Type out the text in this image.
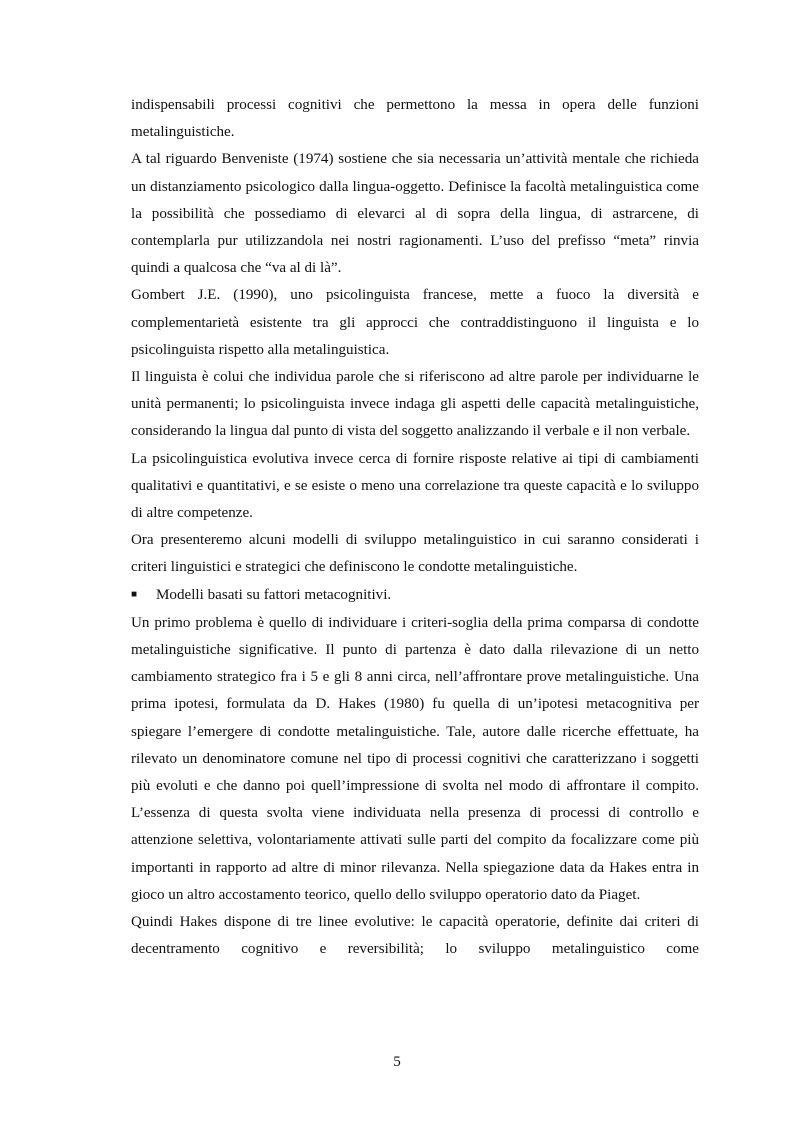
indispensabili processi cognitivi che permettono la messa in opera delle funzioni metalinguistiche.

A tal riguardo Benveniste (1974) sostiene che sia necessaria un’attività mentale che richieda un distanziamento psicologico dalla lingua-oggetto. Definisce la facoltà metalinguistica come la possibilità che possediamo di elevarci al di sopra della lingua, di astrarcene, di contemplarla pur utilizzandola nei nostri ragionamenti. L’uso del prefisso “meta” rinvia quindi a qualcosa che “va al di là”.

Gombert J.E. (1990), uno psicolinguista francese, mette a fuoco la diversità e complementarietà esistente tra gli approcci che contraddistinguono il linguista e lo psicolinguista rispetto alla metalinguistica.

Il linguista è colui che individua parole che si riferiscono ad altre parole per individuarne le unità permanenti; lo psicolinguista invece indaga gli aspetti delle capacità metalinguistiche, considerando la lingua dal punto di vista del soggetto analizzando il verbale e il non verbale.

La psicolinguistica evolutiva invece cerca di fornire risposte relative ai tipi di cambiamenti qualitativi e quantitativi, e se esiste o meno una correlazione tra queste capacità e lo sviluppo di altre competenze.

Ora presenteremo alcuni modelli di sviluppo metalinguistico in cui saranno considerati i criteri linguistici e strategici che definiscono le condotte metalinguistiche.

■	Modelli basati su fattori metacognitivi.

Un primo problema è quello di individuare i criteri-soglia della prima comparsa di condotte metalinguistiche significative. Il punto di partenza è dato dalla rilevazione di un netto cambiamento strategico fra i 5 e gli 8 anni circa, nell’affrontare prove metalinguistiche. Una prima ipotesi, formulata da D. Hakes (1980) fu quella di un’ipotesi metacognitiva per spiegare l’emergere di condotte metalinguistiche. Tale, autore dalle ricerche effettuate, ha rilevato un denominatore comune nel tipo di processi cognitivi che caratterizzano i soggetti più evoluti e che danno poi quell’impressione di svolta nel modo di affrontare il compito. L’essenza di questa svolta viene individuata nella presenza di processi di controllo e attenzione selettiva, volontariamente attivati sulle parti del compito da focalizzare come più importanti in rapporto ad altre di minor rilevanza. Nella spiegazione data da Hakes entra in gioco un altro accostamento teorico, quello dello sviluppo operatorio dato da Piaget.

Quindi Hakes dispone di tre linee evolutive: le capacità operatorie, definite dai criteri di decentramento cognitivo e reversibilità; lo sviluppo metalinguistico come

5
